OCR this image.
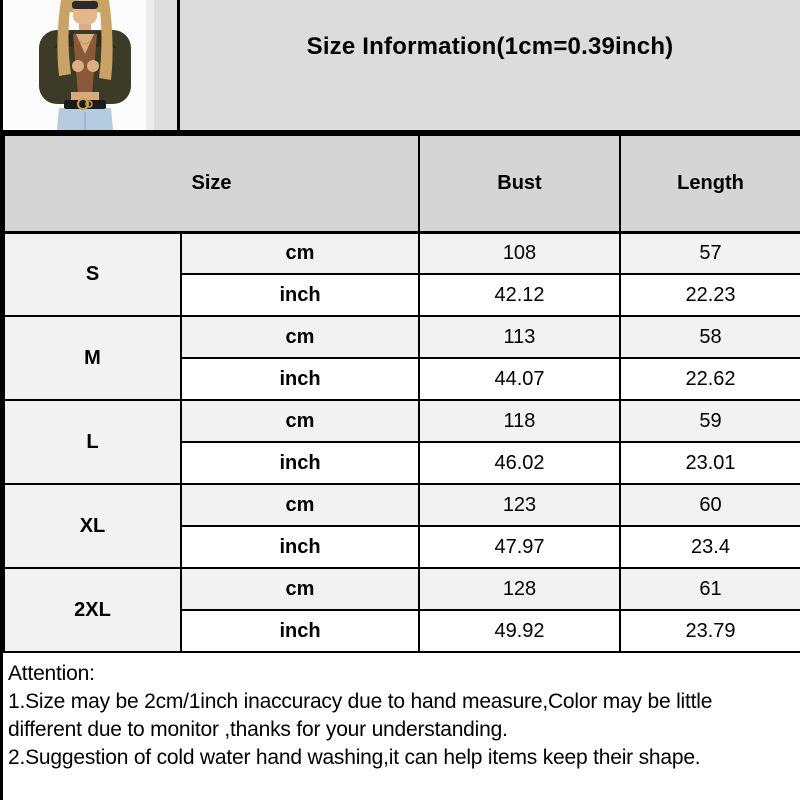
Size Information(1cm=0.39inch)
Size		Bust	Length
S	cm	108	57
	inch	42.12	22.23
M	cm	113	58
	inch	44.07	22.62
L	cm	118	59
	inch	46.02	23.01
XL	cm	123	60
	inch	47.97	23.4
2XL	cm	128	61
	inch	49.92	23.79
Attention:
1.Size may be 2cm/1inch inaccuracy due to hand measure,Color may be little
different due to monitor ,thanks for your understanding.
2.Suggestion of cold water hand washing,it can help items keep their shape.
